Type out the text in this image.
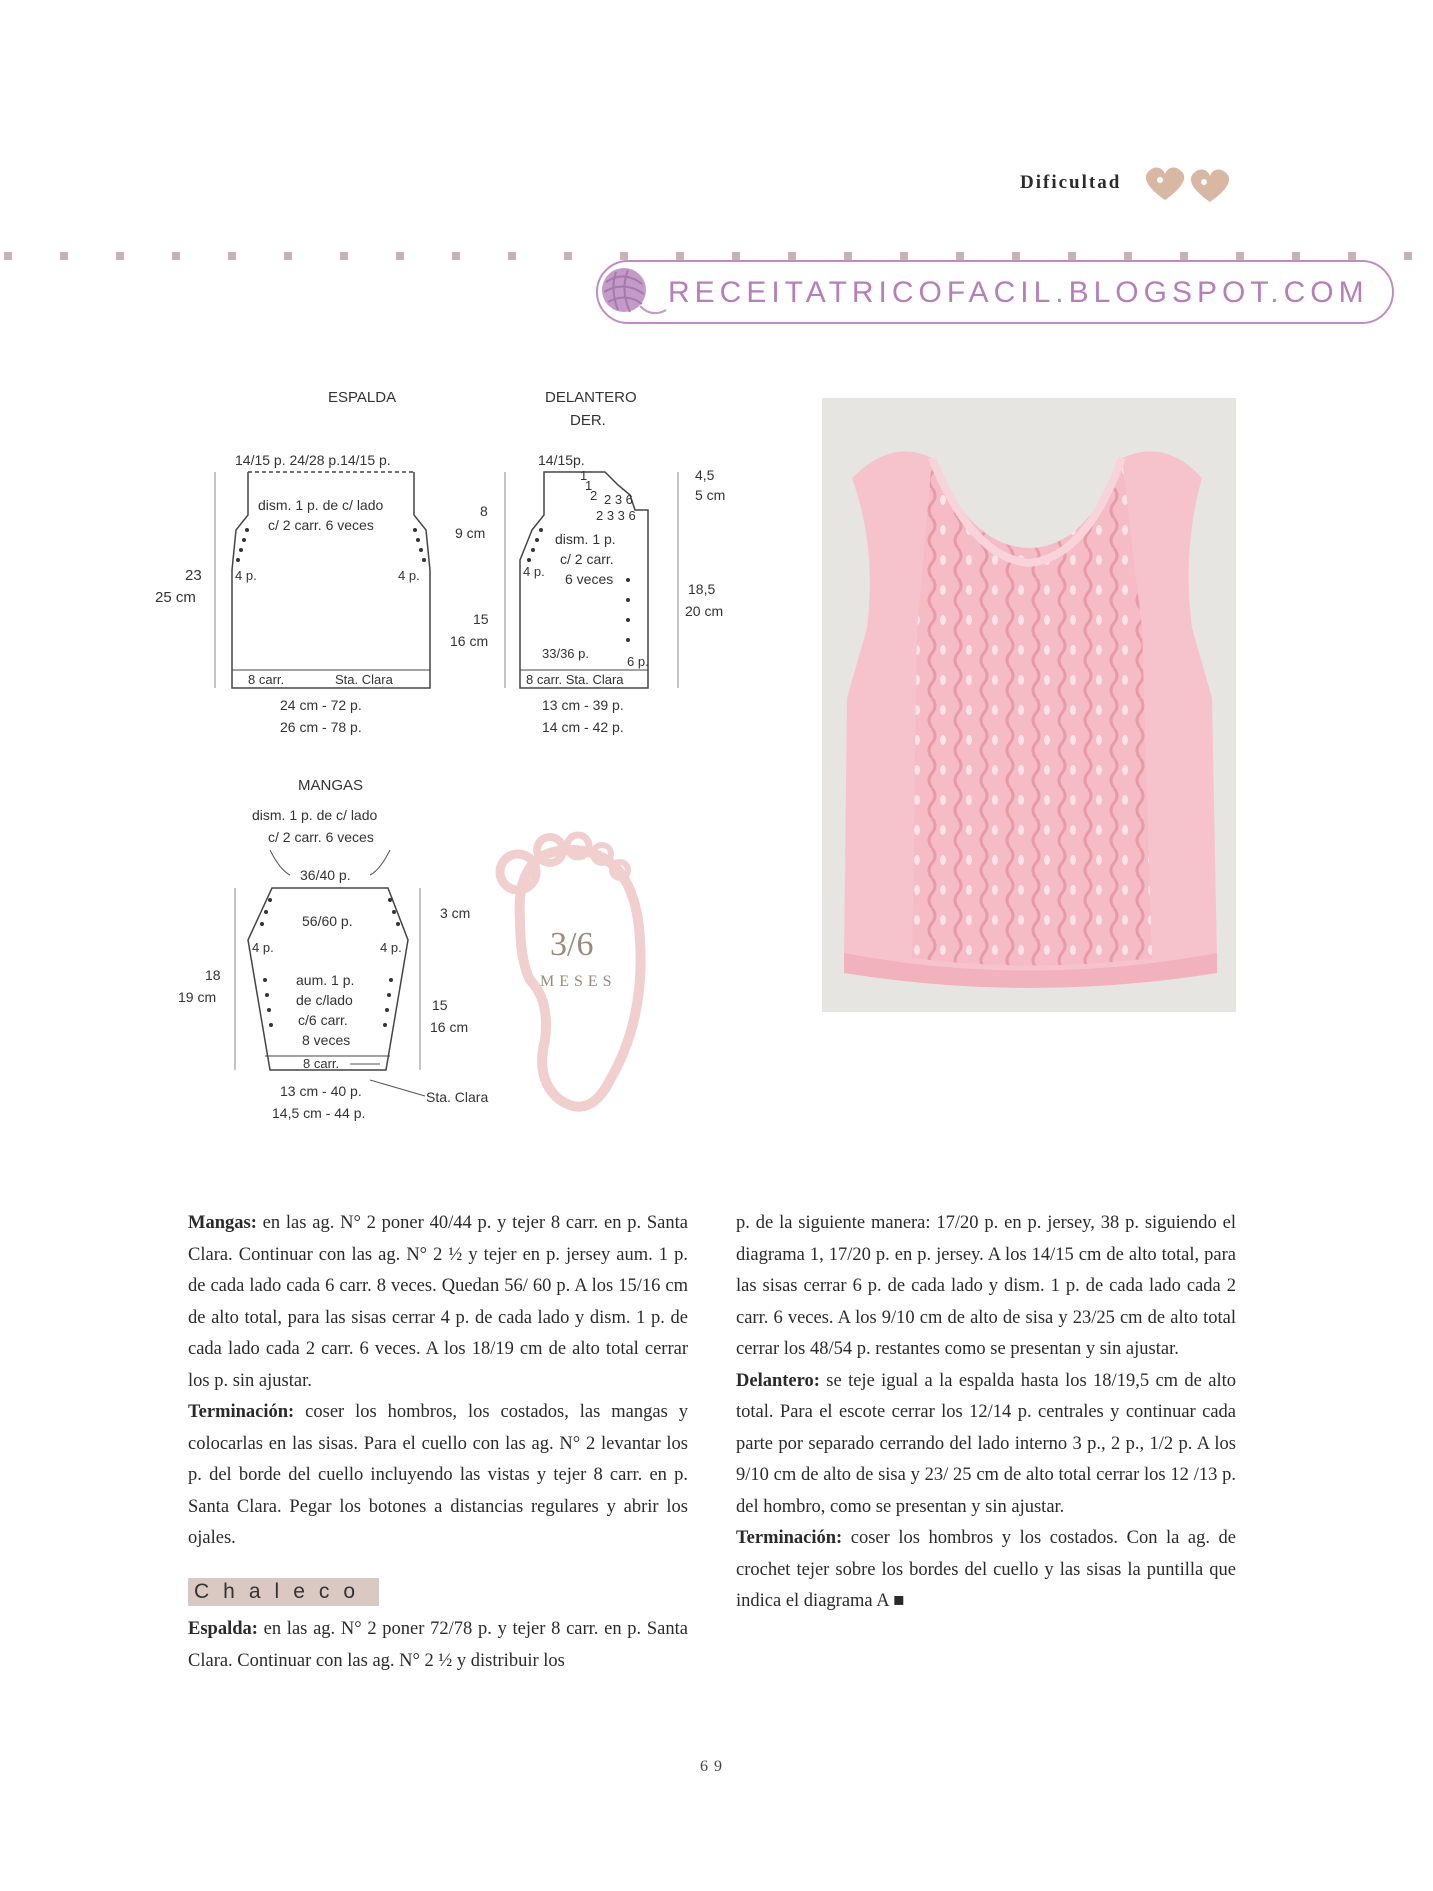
Dificultad
RECEITATRICOFACIL.BLOGSPOT.COM
ESPALDA
14/15 p. 24/28 p.14/15 p.
dism. 1 p. de c/ lado
c/ 2 carr. 6 veces
4 p.	4 p.
23
25 cm
8 carr.	Sta. Clara
24 cm - 72 p.
26 cm - 78 p.
DELANTERO
DER.
14/15p.
1
1
2 2 3 6
2 3 3 6
4,5
5 cm
8
9 cm	dism. 1 p.
c/ 2 carr.
6 veces
4 p.
15
16 cm
18,5
20 cm
33/36 p.
6 p.
8 carr. Sta. Clara
13 cm - 39 p.
14 cm - 42 p.
MANGAS
dism. 1 p. de c/ lado
c/ 2 carr. 6 veces
36/40 p.
3 cm
56/60 p.
4 p.	4 p.
aum. 1 p.
de c/lado
c/6 carr.
8 veces
18
19 cm	15
16 cm
8 carr.
Sta. Clara
13 cm - 40 p.
14,5 cm - 44 p.
3/6
MESES

Mangas: en las ag. N° 2 poner 40/44 p. y tejer 8 carr. en p. Santa Clara. Continuar con las ag. N° 2 ½ y tejer en p. jersey aum. 1 p. de cada lado cada 6 carr. 8 veces. Quedan 56/ 60 p. A los 15/16 cm de alto total, para las sisas cerrar 4 p. de cada lado y dism. 1 p. de cada lado cada 2 carr. 6 veces. A los 18/19 cm de alto total cerrar los p. sin ajustar.

Terminación: coser los hombros, los costados, las mangas y colocarlas en las sisas. Para el cuello con las ag. N° 2 levantar los p. del borde del cuello incluyendo las vistas y tejer 8 carr. en p. Santa Clara. Pegar los botones a distancias regulares y abrir los ojales.

Chaleco

Espalda: en las ag. N° 2 poner 72/78 p. y tejer 8 carr. en p. Santa Clara. Continuar con las ag. N° 2 ½ y distribuir los

p. de la siguiente manera: 17/20 p. en p. jersey, 38 p. siguiendo el diagrama 1, 17/20 p. en p. jersey. A los 14/15 cm de alto total, para las sisas cerrar 6 p. de cada lado y dism. 1 p. de cada lado cada 2 carr. 6 veces. A los 9/10 cm de alto de sisa y 23/25 cm de alto total cerrar los 48/54 p. restantes como se presentan y sin ajustar.

Delantero: se teje igual a la espalda hasta los 18/19,5 cm de alto total. Para el escote cerrar los 12/14 p. centrales y continuar cada parte por separado cerrando del lado interno 3 p., 2 p., 1/2 p. A los 9/10 cm de alto de sisa y 23/ 25 cm de alto total cerrar los 12 /13 p. del hombro, como se presentan y sin ajustar.

Terminación: coser los hombros y los costados. Con la ag. de crochet tejer sobre los bordes del cuello y las sisas la puntilla que indica el diagrama A ■

69
